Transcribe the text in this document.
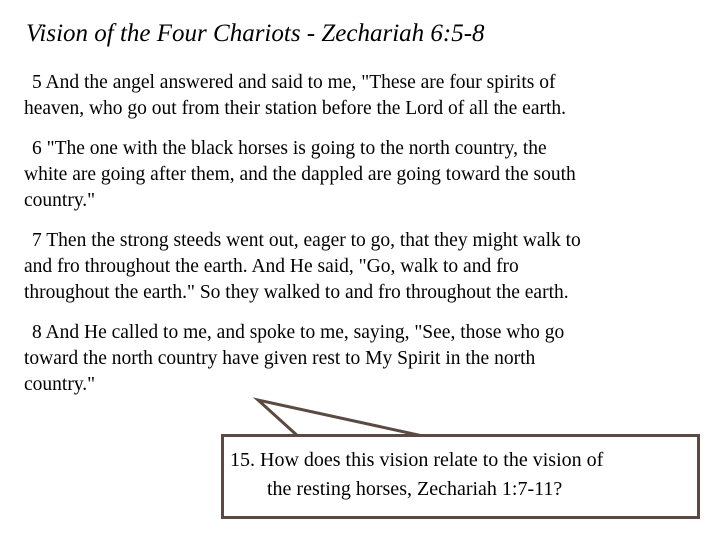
Vision of the Four Chariots - Zechariah 6:5-8
5 And the angel answered and said to me, "These are four spirits of
heaven, who go out from their station before the Lord of all the earth.
6 "The one with the black horses is going to the north country, the
white are going after them, and the dappled are going toward the south
country."
7 Then the strong steeds went out, eager to go, that they might walk to
and fro throughout the earth. And He said, "Go, walk to and fro
throughout the earth." So they walked to and fro throughout the earth.
8 And He called to me, and spoke to me, saying, "See, those who go
toward the north country have given rest to My Spirit in the north
country."
15. How does this vision relate to the vision of
the resting horses, Zechariah 1:7-11?
